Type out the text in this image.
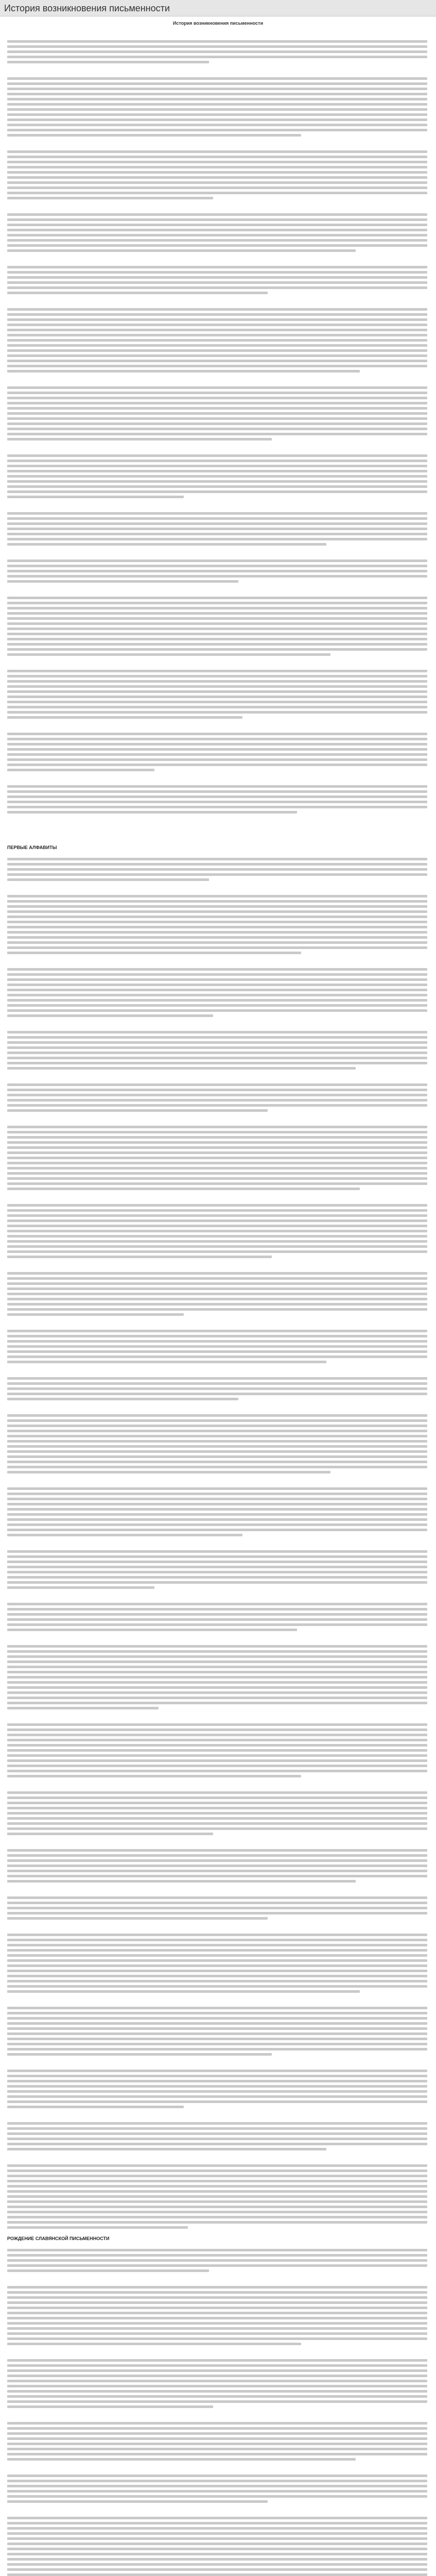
История возникновения письменности

История возникновения письменности

ПЕРВЫЕ АЛФАВИТЫ
РОЖДЕНИЕ СЛАВЯНСКОЙ ПИСЬМЕННОСТИ
